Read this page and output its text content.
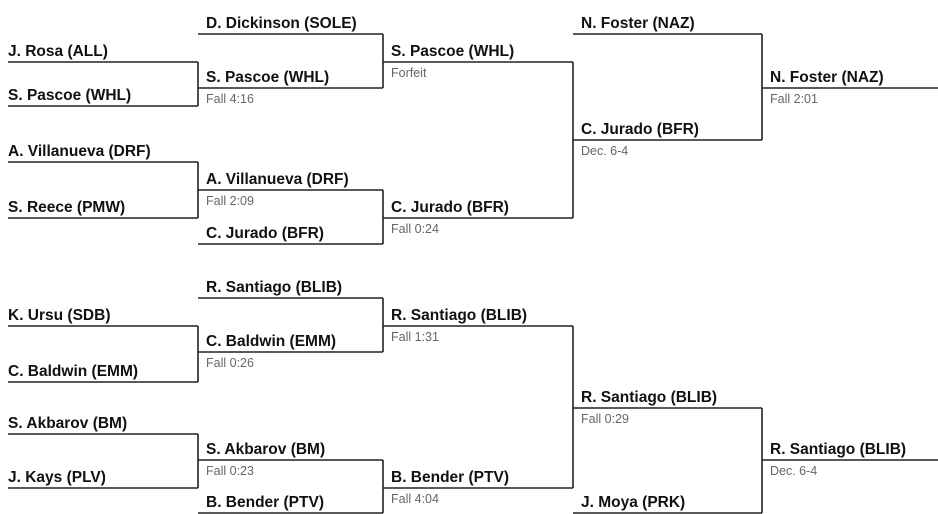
J. Rosa (ALL)
S. Pascoe (WHL)
A. Villanueva (DRF)
S. Reece (PMW)
K. Ursu (SDB)
C. Baldwin (EMM)
S. Akbarov (BM)
J. Kays (PLV)
D. Dickinson (SOLE)
S. Pascoe (WHL)
Fall 4:16
A. Villanueva (DRF)
Fall 2:09
C. Jurado (BFR)
R. Santiago (BLIB)
C. Baldwin (EMM)
Fall 0:26
S. Akbarov (BM)
Fall 0:23
B. Bender (PTV)
S. Pascoe (WHL)
Forfeit
C. Jurado (BFR)
Fall 0:24
R. Santiago (BLIB)
Fall 1:31
B. Bender (PTV)
Fall 4:04
N. Foster (NAZ)
C. Jurado (BFR)
Dec. 6-4
R. Santiago (BLIB)
Fall 0:29
J. Moya (PRK)
N. Foster (NAZ)
Fall 2:01
R. Santiago (BLIB)
Dec. 6-4
